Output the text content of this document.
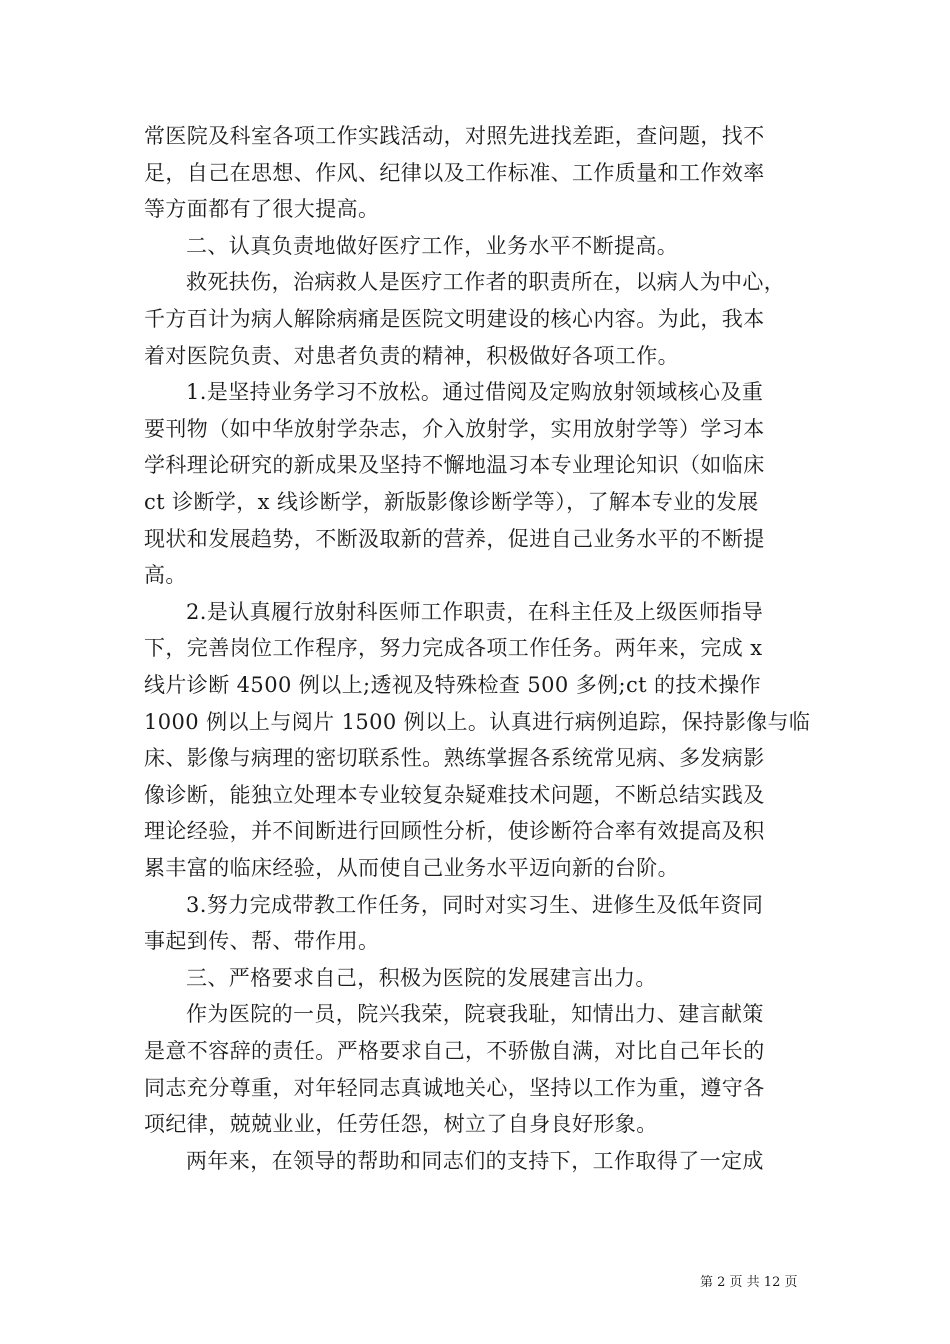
常医院及科室各项工作实践活动，对照先进找差距，查问题，找不
足，自己在思想、作风、纪律以及工作标准、工作质量和工作效率
等方面都有了很大提高。
二、认真负责地做好医疗工作，业务水平不断提高。
救死扶伤，治病救人是医疗工作者的职责所在，以病人为中心，
千方百计为病人解除病痛是医院文明建设的核心内容。为此，我本
着对医院负责、对患者负责的精神，积极做好各项工作。
1.是坚持业务学习不放松。通过借阅及定购放射领域核心及重
要刊物（如中华放射学杂志，介入放射学，实用放射学等）学习本
学科理论研究的新成果及坚持不懈地温习本专业理论知识（如临床
ct 诊断学，x 线诊断学，新版影像诊断学等），了解本专业的发展
现状和发展趋势，不断汲取新的营养，促进自己业务水平的不断提
高。
2.是认真履行放射科医师工作职责，在科主任及上级医师指导
下，完善岗位工作程序，努力完成各项工作任务。两年来，完成 x
线片诊断 4500 例以上;透视及特殊检查 500 多例;ct 的技术操作
1000 例以上与阅片 1500 例以上。认真进行病例追踪，保持影像与临
床、影像与病理的密切联系性。熟练掌握各系统常见病、多发病影
像诊断，能独立处理本专业较复杂疑难技术问题，不断总结实践及
理论经验，并不间断进行回顾性分析，使诊断符合率有效提高及积
累丰富的临床经验，从而使自己业务水平迈向新的台阶。
3.努力完成带教工作任务，同时对实习生、进修生及低年资同
事起到传、帮、带作用。
三、严格要求自己，积极为医院的发展建言出力。
作为医院的一员，院兴我荣，院衰我耻，知情出力、建言献策
是意不容辞的责任。严格要求自己，不骄傲自满，对比自己年长的
同志充分尊重，对年轻同志真诚地关心，坚持以工作为重，遵守各
项纪律，兢兢业业，任劳任怨，树立了自身良好形象。
两年来，在领导的帮助和同志们的支持下，工作取得了一定成
第 2 页 共 12 页
